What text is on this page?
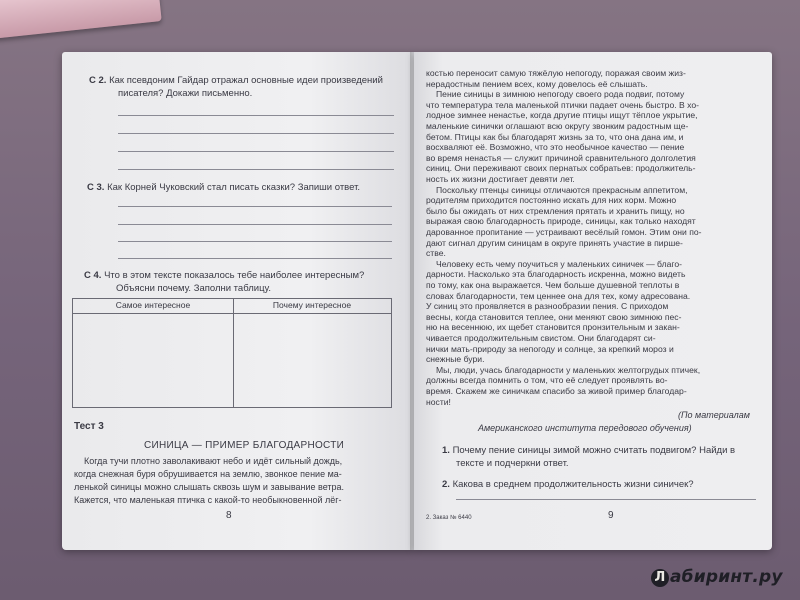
С 2. Как псевдоним Гайдар отражал основные идеи произведений
писателя? Докажи письменно.
С 3. Как Корней Чуковский стал писать сказки? Запиши ответ.
С 4. Что в этом тексте показалось тебе наиболее интересным?
Объясни почему. Заполни таблицу.
Самое интересное	Почему интересное
Тест 3
СИНИЦА — ПРИМЕР БЛАГОДАРНОСТИ
Когда тучи плотно заволакивают небо и идёт сильный дождь,
когда снежная буря обрушивается на землю, звонкое пение ма-
ленькой синицы можно слышать сквозь шум и завывание ветра.
Кажется, что маленькая птичка с какой-то необыкновенной лёг-
8
костью переносит самую тяжёлую непогоду, поражая своим жиз-
нерадостным пением всех, кому довелось её слышать.
Пение синицы в зимнюю непогоду своего рода подвиг, потому
что температура тела маленькой птички падает очень быстро. В хо-
лодное зимнее ненастье, когда другие птицы ищут тёплое укрытие,
маленькие синички оглашают всю округу звонким радостным ще-
бетом. Птицы как бы благодарят жизнь за то, что она дана им, и
восхваляют её. Возможно, что это необычное качество — пение
во время ненастья — служит причиной сравнительного долголетия
синиц. Они переживают своих пернатых собратьев: продолжитель-
ность их жизни достигает девяти лет.
Поскольку птенцы синицы отличаются прекрасным аппетитом,
родителям приходится постоянно искать для них корм. Можно
было бы ожидать от них стремления прятать и хранить пищу, но
выражая свою благодарность природе, синицы, как только находят
дарованное пропитание — устраивают весёлый гомон. Этим они по-
дают сигнал другим синицам в округе принять участие в пирше-
стве.
Человеку есть чему поучиться у маленьких синичек — благо-
дарности. Насколько эта благодарность искренна, можно видеть
по тому, как она выражается. Чем больше душевной теплоты в
словах благодарности, тем ценнее она для тех, кому адресована.
У синиц это проявляется в разнообразии пения. С приходом
весны, когда становится теплее, они меняют свою зимнюю пес-
ню на весеннюю, их щебет становится пронзительным и закан-
чивается продолжительным свистом. Они благодарят си-
нички мать-природу за непогоду и солнце, за крепкий мороз и
снежные бури.
Мы, люди, учась благодарности у маленьких желтогрудых птичек,
должны всегда помнить о том, что её следует проявлять во-
время. Скажем же синичкам спасибо за живой пример благодар-
ности!
(По материалам
Американского института передового обучения)
1. Почему пение синицы зимой можно считать подвигом? Найди в
тексте и подчеркни ответ.
2. Какова в среднем продолжительность жизни синичек?
2. Заказ № 6440	9
Л абиринт.ру
